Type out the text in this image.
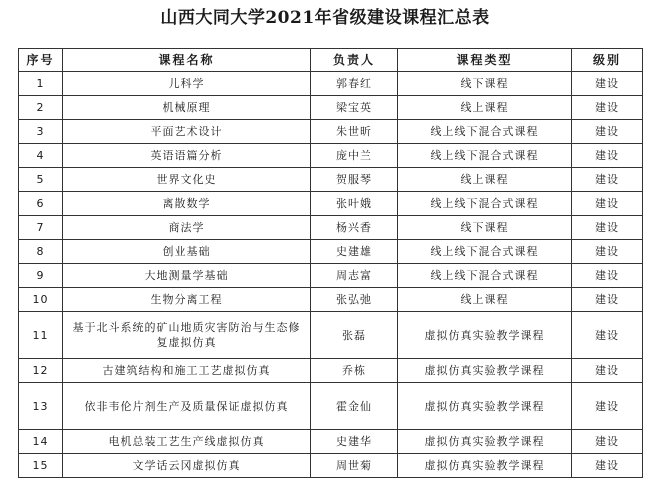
山西大同大学2021年省级建设课程汇总表
序号	课程名称	负责人	课程类型	级别
1	儿科学	郭春红	线下课程	建设
2	机械原理	梁宝英	线上课程	建设
3	平面艺术设计	朱世昕	线上线下混合式课程	建设
4	英语语篇分析	庞中兰	线上线下混合式课程	建设
5	世界文化史	贺服琴	线上课程	建设
6	离散数学	张叶娥	线上线下混合式课程	建设
7	商法学	杨兴香	线下课程	建设
8	创业基础	史建雄	线上线下混合式课程	建设
9	大地测量学基础	周志富	线上线下混合式课程	建设
10	生物分离工程	张弘弛	线上课程	建设
11	基于北斗系统的矿山地质灾害防治与生态修复虚拟仿真	张磊	虚拟仿真实验教学课程	建设
12	古建筑结构和施工工艺虚拟仿真	乔栋	虚拟仿真实验教学课程	建设
13	依非韦伦片剂生产及质量保证虚拟仿真	霍金仙	虚拟仿真实验教学课程	建设
14	电机总装工艺生产线虚拟仿真	史建华	虚拟仿真实验教学课程	建设
15	文学话云冈虚拟仿真	周世菊	虚拟仿真实验教学课程	建设
